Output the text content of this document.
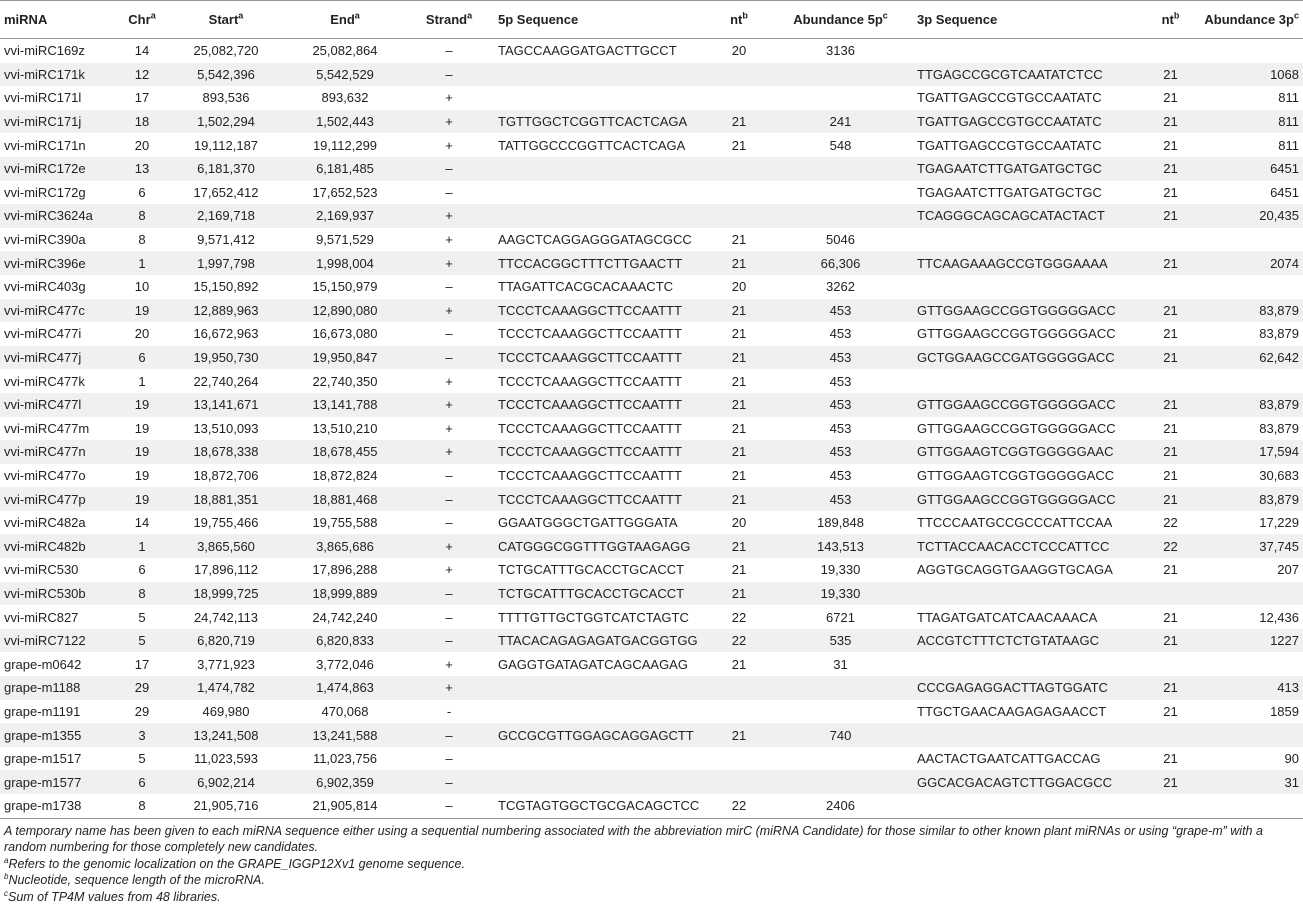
miRNA	Chr$^a$	Start$^a$	End$^a$	Strand$^a$	5p Sequence	$nt^b$	Abundance $5p^c$	3p Sequence	$nt^b$	Abundance $3p^c$
vvi-miRC169z	14	25,082,720	25,082,864	–	TAGCCAAGGATGACTTGCCT	20	3136			
vvi-miRC171k	12	5,542,396	5,542,529	–				TTGAGCCGCGTCAATATCTCC	21	1068
vvi-miRC171l	17	893,536	893,632	+				TGATTGAGCCGTGCCAATATC	21	811
vvi-miRC171j	18	1,502,294	1,502,443	+	TGTTGGCTCGGTTCACTCAGA	21	241	TGATTGAGCCGTGCCAATATC	21	811
vvi-miRC171n	20	19,112,187	19,112,299	+	TATTGGCCCGGTTCACTCAGA	21	548	TGATTGAGCCGTGCCAATATC	21	811
vvi-miRC172e	13	6,181,370	6,181,485	–				TGAGAATCTTGATGATGCTGC	21	6451
vvi-miRC172g	6	17,652,412	17,652,523	–				TGAGAATCTTGATGATGCTGC	21	6451
vvi-miRC3624a	8	2,169,718	2,169,937	+				TCAGGGCAGCAGCATACTACT	21	20,435
vvi-miRC390a	8	9,571,412	9,571,529	+	AAGCTCAGGAGGGATAGCGCC	21	5046			
vvi-miRC396e	1	1,997,798	1,998,004	+	TTCCACGGCTTTCTTGAACTT	21	66,306	TTCAAGAAAGCCGTGGGAAAA	21	2074
vvi-miRC403g	10	15,150,892	15,150,979	–	TTAGATTCACGCACAAACTC	20	3262			
vvi-miRC477c	19	12,889,963	12,890,080	+	TCCCTCAAAGGCTTCCAATTT	21	453	GTTGGAAGCCGGTGGGGGACC	21	83,879
vvi-miRC477i	20	16,672,963	16,673,080	–	TCCCTCAAAGGCTTCCAATTT	21	453	GTTGGAAGCCGGTGGGGGACC	21	83,879
vvi-miRC477j	6	19,950,730	19,950,847	–	TCCCTCAAAGGCTTCCAATTT	21	453	GCTGGAAGCCGATGGGGGACC	21	62,642
vvi-miRC477k	1	22,740,264	22,740,350	+	TCCCTCAAAGGCTTCCAATTT	21	453			
vvi-miRC477l	19	13,141,671	13,141,788	+	TCCCTCAAAGGCTTCCAATTT	21	453	GTTGGAAGCCGGTGGGGGACC	21	83,879
vvi-miRC477m	19	13,510,093	13,510,210	+	TCCCTCAAAGGCTTCCAATTT	21	453	GTTGGAAGCCGGTGGGGGACC	21	83,879
vvi-miRC477n	19	18,678,338	18,678,455	+	TCCCTCAAAGGCTTCCAATTT	21	453	GTTGGAAGTCGGTGGGGGAAC	21	17,594
vvi-miRC477o	19	18,872,706	18,872,824	–	TCCCTCAAAGGCTTCCAATTT	21	453	GTTGGAAGTCGGTGGGGGACC	21	30,683
vvi-miRC477p	19	18,881,351	18,881,468	–	TCCCTCAAAGGCTTCCAATTT	21	453	GTTGGAAGCCGGTGGGGGACC	21	83,879
vvi-miRC482a	14	19,755,466	19,755,588	–	GGAATGGGCTGATTGGGATA	20	189,848	TTCCCAATGCCGCCCATTCCAA	22	17,229
vvi-miRC482b	1	3,865,560	3,865,686	+	CATGGGCGGTTTGGTAAGAGG	21	143,513	TCTTACCAACACCTCCCATTCC	22	37,745
vvi-miRC530	6	17,896,112	17,896,288	+	TCTGCATTTGCACCTGCACCT	21	19,330	AGGTGCAGGTGAAGGTGCAGA	21	207
vvi-miRC530b	8	18,999,725	18,999,889	–	TCTGCATTTGCACCTGCACCT	21	19,330			
vvi-miRC827	5	24,742,113	24,742,240	–	TTTTGTTGCTGGTCATCTAGTC	22	6721	TTAGATGATCATCAACAAACA	21	12,436
vvi-miRC7122	5	6,820,719	6,820,833	–	TTACACAGAGAGATGACGGTGG	22	535	ACCGTCTTTCTCTGTATAAGC	21	1227
grape-m0642	17	3,771,923	3,772,046	+	GAGGTGATAGATCAGCAAGAG	21	31			
grape-m1188	29	1,474,782	1,474,863	+				CCCGAGAGGACTTAGTGGATC	21	413
grape-m1191	29	469,980	470,068	-				TTGCTGAACAAGAGAGAACCT	21	1859
grape-m1355	3	13,241,508	13,241,588	–	GCCGCGTTGGAGCAGGAGCTT	21	740			
grape-m1517	5	11,023,593	11,023,756	–				AACTACTGAATCATTGACCAG	21	90
grape-m1577	6	6,902,214	6,902,359	–				GGCACGACAGTCTTGGACGCC	21	31
grape-m1738	8	21,905,716	21,905,814	–	TCGTAGTGGCTGCGACAGCTCC	22	2406			

A temporary name has been given to each miRNA sequence either using a sequential numbering associated with the abbreviation mirC (miRNA Candidate) for those similar to other known plant miRNAs or using “grape-m” with a random numbering for those completely new candidates.

$^a$Refers to the genomic localization on the GRAPE_IGGP12Xv1 genome sequence.

$^b$Nucleotide, sequence length of the microRNA.

$^c$Sum of TP4M values from 48 libraries.
